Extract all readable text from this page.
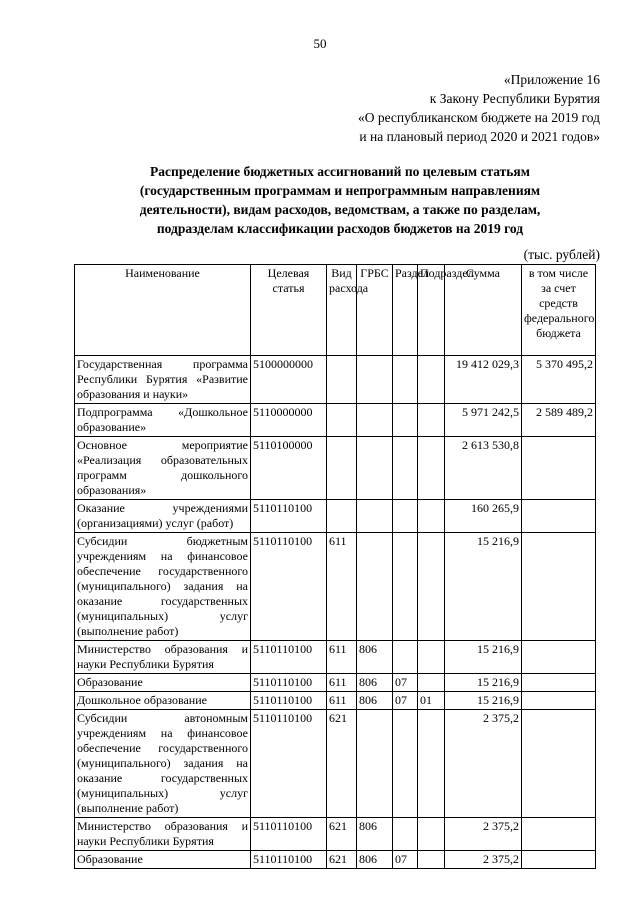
50
«Приложение 16
к Закону Республики Бурятия
«О республиканском бюджете на 2019 год
и на плановый период 2020 и 2021 годов»
Распределение бюджетных ассигнований по целевым статьям
(государственным программам и непрограммным направлениям
деятельности), видам расходов, ведомствам, а также по разделам,
подразделам классификации расходов бюджетов на 2019 год
(тыс. рублей)
Наименование	Целевая статья	Вид расхода	ГРБС	Раздел	Подраздел	Сумма	в том числе за счет средств федерального бюджета
Государственная программа Республики Бурятия «Развитие образования и науки»	5100000000					19 412 029,3	5 370 495,2
Подпрограмма «Дошкольное образование»	5110000000					5 971 242,5	2 589 489,2
Основное мероприятие «Реализация образовательных программ дошкольного образования»	5110100000					2 613 530,8	
Оказание учреждениями (организациями) услуг (работ)	5110110100					160 265,9	
Субсидии бюджетным учреждениям на финансовое обеспечение государственного (муниципального) задания на оказание государственных (муниципальных) услуг (выполнение работ)	5110110100	611				15 216,9	
Министерство образования и науки Республики Бурятия	5110110100	611	806			15 216,9	
Образование	5110110100	611	806	07		15 216,9	
Дошкольное образование	5110110100	611	806	07	01	15 216,9	
Субсидии автономным учреждениям на финансовое обеспечение государственного (муниципального) задания на оказание государственных (муниципальных) услуг (выполнение работ)	5110110100	621				2 375,2	
Министерство образования и науки Республики Бурятия	5110110100	621	806			2 375,2	
Образование	5110110100	621	806	07		2 375,2	
